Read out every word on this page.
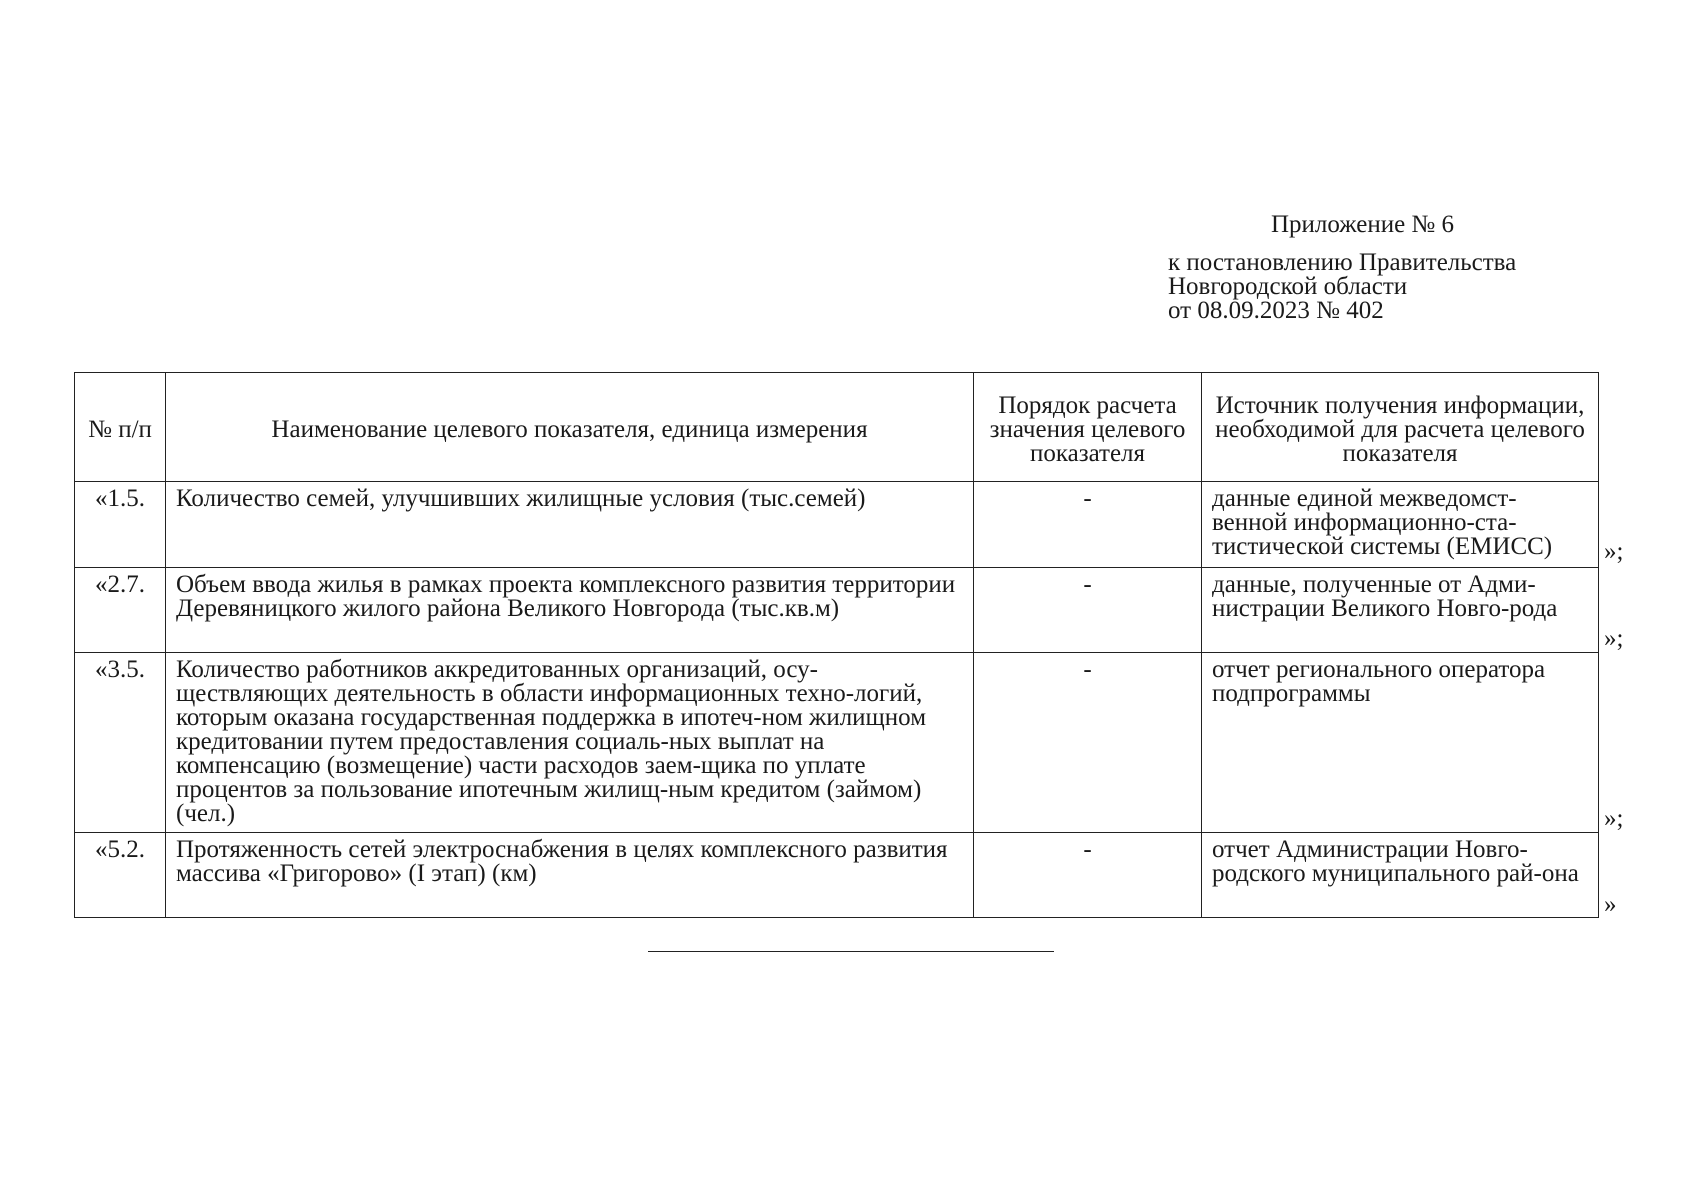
Приложение № 6
к постановлению Правительства
Новгородской области
от 08.09.2023 № 402
№ п/п	Наименование целевого показателя, единица измерения	Порядок расчета значения целевого показателя	Источник получения информации, необходимой для расчета целевого показателя
«1.5.	Количество семей, улучшивших жилищные условия (тыс.семей)	-	данные единой межведомст-венной информационно-ста-тистической системы (ЕМИСС)
«2.7.	Объем ввода жилья в рамках проекта комплексного развития территории Деревяницкого жилого района Великого Новгорода (тыс.кв.м)	-	данные, полученные от Адми-нистрации Великого Новго-рода
«3.5.	Количество работников аккредитованных организаций, осу-ществляющих деятельность в области информационных техно-логий, которым оказана государственная поддержка в ипотеч-ном жилищном кредитовании путем предоставления социаль-ных выплат на компенсацию (возмещение) части расходов заем-щика по уплате процентов за пользование ипотечным жилищ-ным кредитом (займом) (чел.)	-	отчет регионального оператора подпрограммы
«5.2.	Протяженность сетей электроснабжения в целях комплексного развития массива «Григорово» (I этап) (км)	-	отчет Администрации Новго-родского муниципального рай-она
»;
»;
»;
»
